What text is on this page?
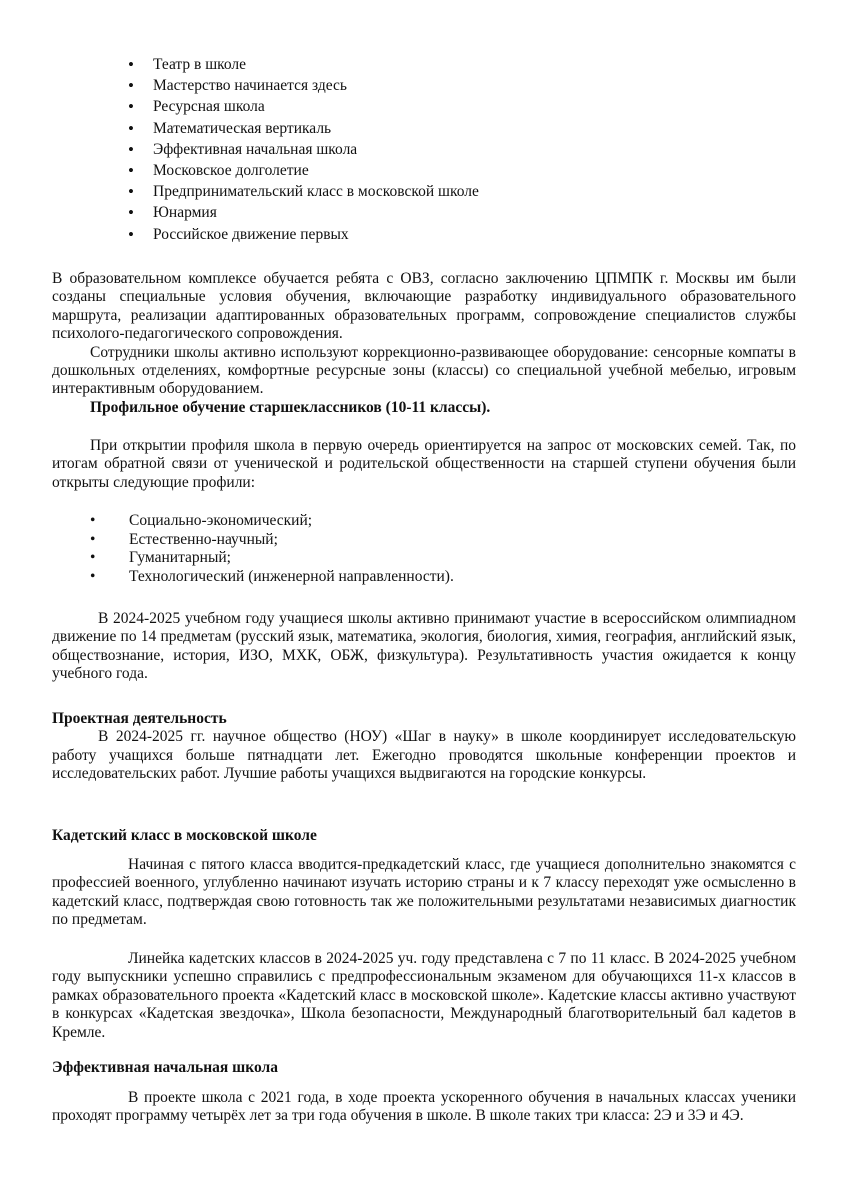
• Театр в школе
• Мастерство начинается здесь
• Ресурсная школа
• Математическая вертикаль
• Эффективная начальная школа
• Московское долголетие
• Предпринимательский класс в московской школе
• Юнармия
• Российское движение первых

В образовательном комплексе обучается ребята с ОВЗ, согласно заключению ЦПМПК г. Москвы им были созданы специальные условия обучения, включающие разработку индивидуального образовательного маршрута, реализации адаптированных образовательных программ, сопровождение специалистов службы психолого-педагогического сопровождения.

Сотрудники школы активно используют коррекционно-развивающее оборудование: сенсорные компаты в дошкольных отделениях, комфортные ресурсные зоны (классы) со специальной учебной мебелью, игровым интерактивным оборудованием.

Профильное обучение старшеклассников (10-11 классы).

При открытии профиля школа в первую очередь ориентируется на запрос от московских семей. Так, по итогам обратной связи от ученической и родительской общественности на старшей ступени обучения были открыты следующие профили:

• Социально-экономический;
• Естественно-научный;
• Гуманитарный;
• Технологический (инженерной направленности).

В 2024-2025 учебном году учащиеся школы активно принимают участие в всероссийском олимпиадном движение по 14 предметам (русский язык, математика, экология, биология, химия, география, английский язык, обществознание, история, ИЗО, МХК, ОБЖ, физкультура). Результативность участия ожидается к концу учебного года.

Проектная деятельность

В 2024-2025 гг. научное общество (НОУ) «Шаг в науку» в школе координирует исследовательскую работу учащихся больше пятнадцати лет. Ежегодно проводятся школьные конференции проектов и исследовательских работ. Лучшие работы учащихся выдвигаются на городские конкурсы.

Кадетский класс в московской школе

Начиная с пятого класса вводится-предкадетский класс, где учащиеся дополнительно знакомятся с профессией военного, углубленно начинают изучать историю страны и к 7 классу переходят уже осмысленно в кадетский класс, подтверждая свою готовность так же положительными результатами независимых диагностик по предметам.

Линейка кадетских классов в 2024-2025 уч. году представлена с 7 по 11 класс. В 2024-2025 учебном году выпускники успешно справились с предпрофессиональным экзаменом для обучающихся 11-х классов в рамках образовательного проекта «Кадетский класс в московской школе». Кадетские классы активно участвуют в конкурсах «Кадетская звездочка», Школа безопасности, Международный благотворительный бал кадетов в Кремле.

Эффективная начальная школа

В проекте школа с 2021 года, в ходе проекта ускоренного обучения в начальных классах ученики проходят программу четырёх лет за три года обучения в школе. В школе таких три класса: 2Э и 3Э и 4Э.
